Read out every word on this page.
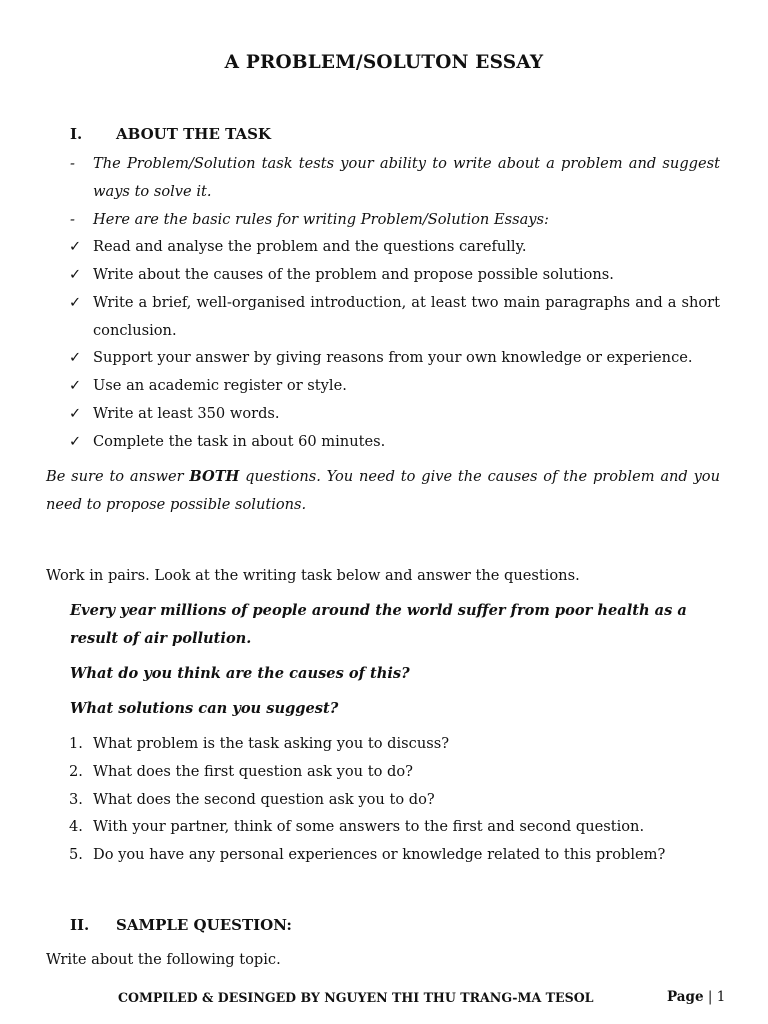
A PROBLEM/SOLUTON ESSAY
I. ABOUT THE TASK
- The Problem/Solution task tests your ability to write about a problem and suggest ways to solve it.
- Here are the basic rules for writing Problem/Solution Essays:
✓ Read and analyse the problem and the questions carefully.
✓ Write about the causes of the problem and propose possible solutions.
✓ Write a brief, well-organised introduction, at least two main paragraphs and a short conclusion.
✓ Support your answer by giving reasons from your own knowledge or experience.
✓ Use an academic register or style.
✓ Write at least 350 words.
✓ Complete the task in about 60 minutes.
Be sure to answer BOTH questions. You need to give the causes of the problem and you need to propose possible solutions.
Work in pairs. Look at the writing task below and answer the questions.
Every year millions of people around the world suffer from poor health as a result of air pollution.
What do you think are the causes of this?
What solutions can you suggest?
1. What problem is the task asking you to discuss?
2. What does the first question ask you to do?
3. What does the second question ask you to do?
4. With your partner, think of some answers to the first and second question.
5. Do you have any personal experiences or knowledge related to this problem?
II. SAMPLE QUESTION:
Write about the following topic.
COMPILED & DESINGED BY NGUYEN THI THU TRANG-MA TESOL	Page | 1
